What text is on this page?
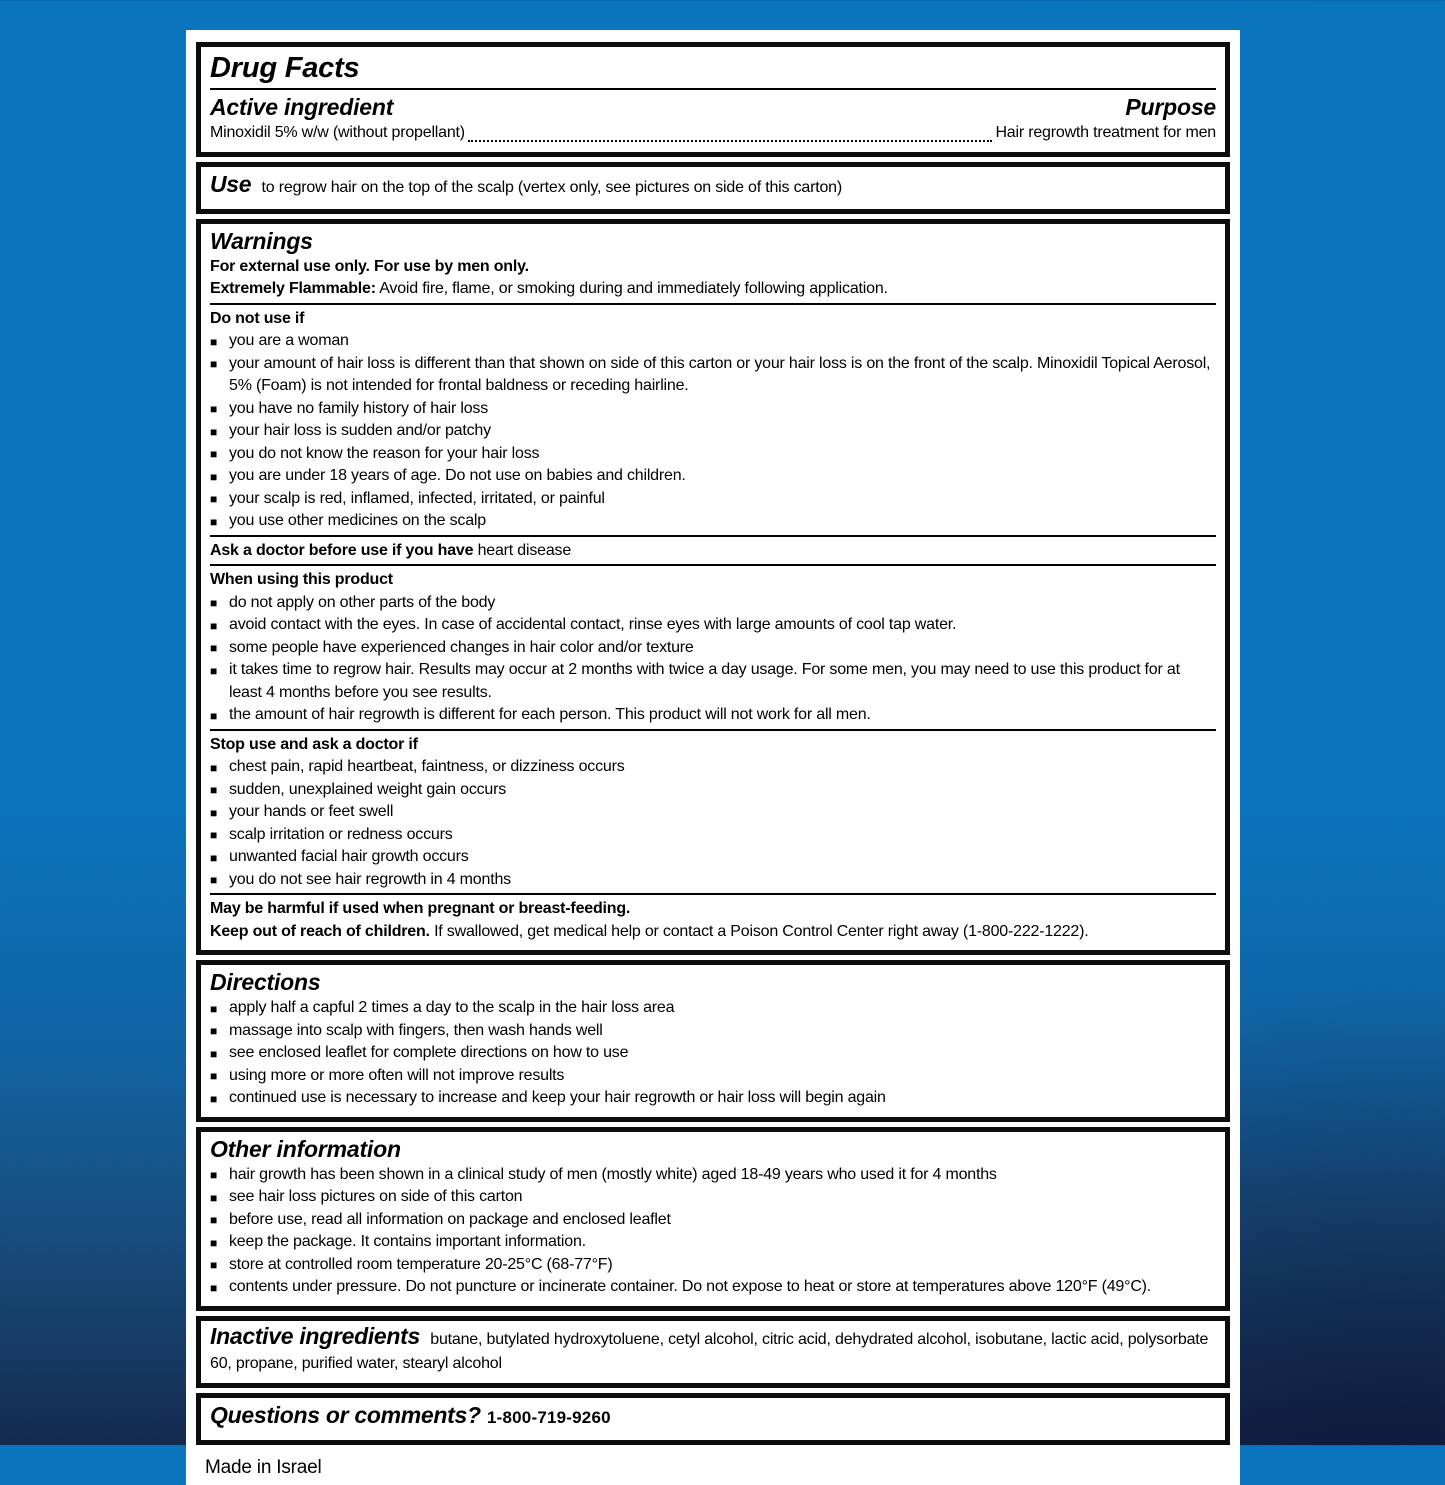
Drug Facts
Active ingredient	Purpose
Minoxidil 5% w/w (without propellant)	Hair regrowth treatment for men

Use to regrow hair on the top of the scalp (vertex only, see pictures on side of this carton)

Warnings

For external use only. For use by men only.

Extremely Flammable: Avoid fire, flame, or smoking during and immediately following application.

Do not use if
■ you are a woman
■ your amount of hair loss is different than that shown on side of this carton or your hair loss is on the front of the scalp. Minoxidil Topical Aerosol, 5% (Foam) is not intended for frontal baldness or receding hairline.
■ you have no family history of hair loss
■ your hair loss is sudden and/or patchy
■ you do not know the reason for your hair loss
■ you are under 18 years of age. Do not use on babies and children.
■ your scalp is red, inflamed, infected, irritated, or painful
■ you use other medicines on the scalp

Ask a doctor before use if you have heart disease

When using this product
■ do not apply on other parts of the body
■ avoid contact with the eyes. In case of accidental contact, rinse eyes with large amounts of cool tap water.
■ some people have experienced changes in hair color and/or texture
■ it takes time to regrow hair. Results may occur at 2 months with twice a day usage. For some men, you may need to use this product for at least 4 months before you see results.
■ the amount of hair regrowth is different for each person. This product will not work for all men.
Stop use and ask a doctor if
■ chest pain, rapid heartbeat, faintness, or dizziness occurs
■ sudden, unexplained weight gain occurs
■ your hands or feet swell
■ scalp irritation or redness occurs
■ unwanted facial hair growth occurs
■ you do not see hair regrowth in 4 months

May be harmful if used when pregnant or breast-feeding.

Keep out of reach of children. If swallowed, get medical help or contact a Poison Control Center right away (1-800-222-1222).

Directions
■ apply half a capful 2 times a day to the scalp in the hair loss area
■ massage into scalp with fingers, then wash hands well
■ see enclosed leaflet for complete directions on how to use
■ using more or more often will not improve results
■ continued use is necessary to increase and keep your hair regrowth or hair loss will begin again
Other information
■ hair growth has been shown in a clinical study of men (mostly white) aged 18-49 years who used it for 4 months
■ see hair loss pictures on side of this carton
■ before use, read all information on package and enclosed leaflet
■ keep the package. It contains important information.
■ store at controlled room temperature 20-25°C (68-77°F)
■ contents under pressure. Do not puncture or incinerate container. Do not expose to heat or store at temperatures above 120°F (49°C).

Inactive ingredients butane, butylated hydroxytoluene, cetyl alcohol, citric acid, dehydrated alcohol, isobutane, lactic acid, polysorbate 60, propane, purified water, stearyl alcohol

Questions or comments? 1-800-719-9260

Made in Israel
